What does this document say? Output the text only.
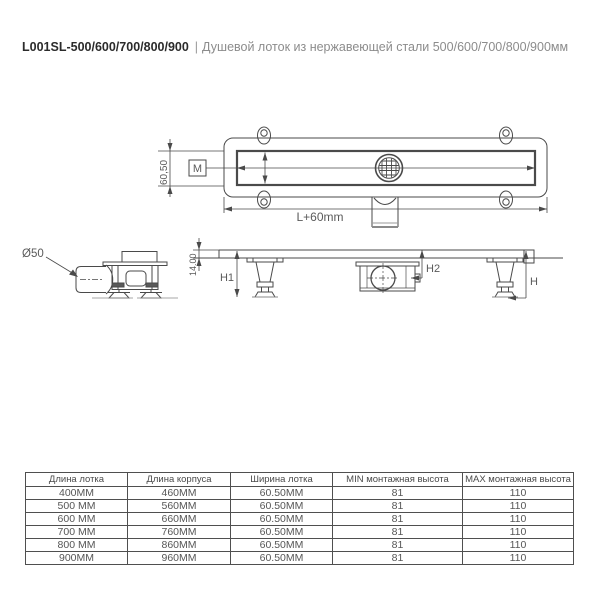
L001SL-500/600/700/800/900 | Душевой лоток из нержавеющей стали 500/600/700/800/900мм
60,50
L+60mm
M
Ø50	14.00
H1
H2
H
Длина лотка	Длина корпуса	Ширина лотка	MIN монтажная высота	MAX монтажная высота
400MM	460MM	60.50MM	81	110
500 MM	560MM	60.50MM	81	110
600 MM	660MM	60.50MM	81	110
700 MM	760MM	60.50MM	81	110
800 MM	860MM	60.50MM	81	110
900MM	960MM	60.50MM	81	110
